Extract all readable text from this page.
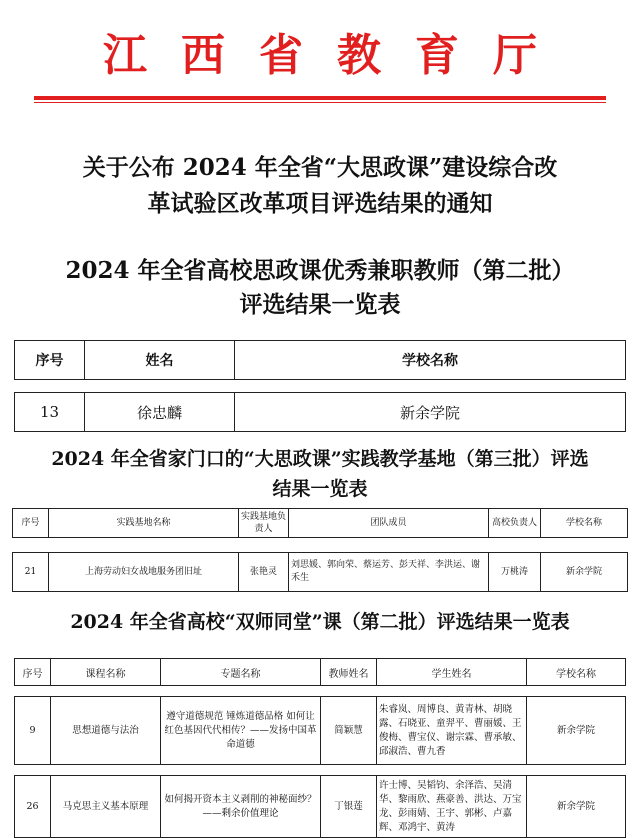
江西省教育厅
关于公布 2024 年全省“大思政课”建设综合改
革试验区改革项目评选结果的通知
2024 年全省高校思政课优秀兼职教师（第二批）
评选结果一览表
序号	姓名	学校名称

13	徐忠麟	新余学院
2024 年全省家门口的“大思政课”实践教学基地（第三批）评选
结果一览表
序号	实践基地名称	实践基地负责人	团队成员	高校负责人	学校名称

21	上海劳动妇女战地服务团旧址	张艳灵	刘思媛、郭向荣、蔡运芳、彭天祥、李洪运、谢禾生	万桃涛	新余学院
2024 年全省高校“双师同堂”课（第二批）评选结果一览表
序号	课程名称	专题名称	教师姓名	学生姓名	学校名称

9	思想道德与法治	遵守道德规范 锤炼道德品格 如何让红色基因代代相传？——发扬中国革命道德	简颖慧	朱睿岚、周博良、黄青林、胡晓露、石晓亚、童羿平、曹丽媛、王俊梅、曹宝仪、谢宗霖、曹承敏、邱淑浩、曹九香	新余学院

26	马克思主义基本原理	如何揭开资本主义剥削的神秘面纱？——剩余价值理论	丁银莲	许士博、吴韬钧、余泽浩、吴清华、黎雨欣、燕豪善、洪达、万宝龙、彭雨婧、王宇、郭彬、卢嘉辉、邓鸿宇、黄涛	新余学院
